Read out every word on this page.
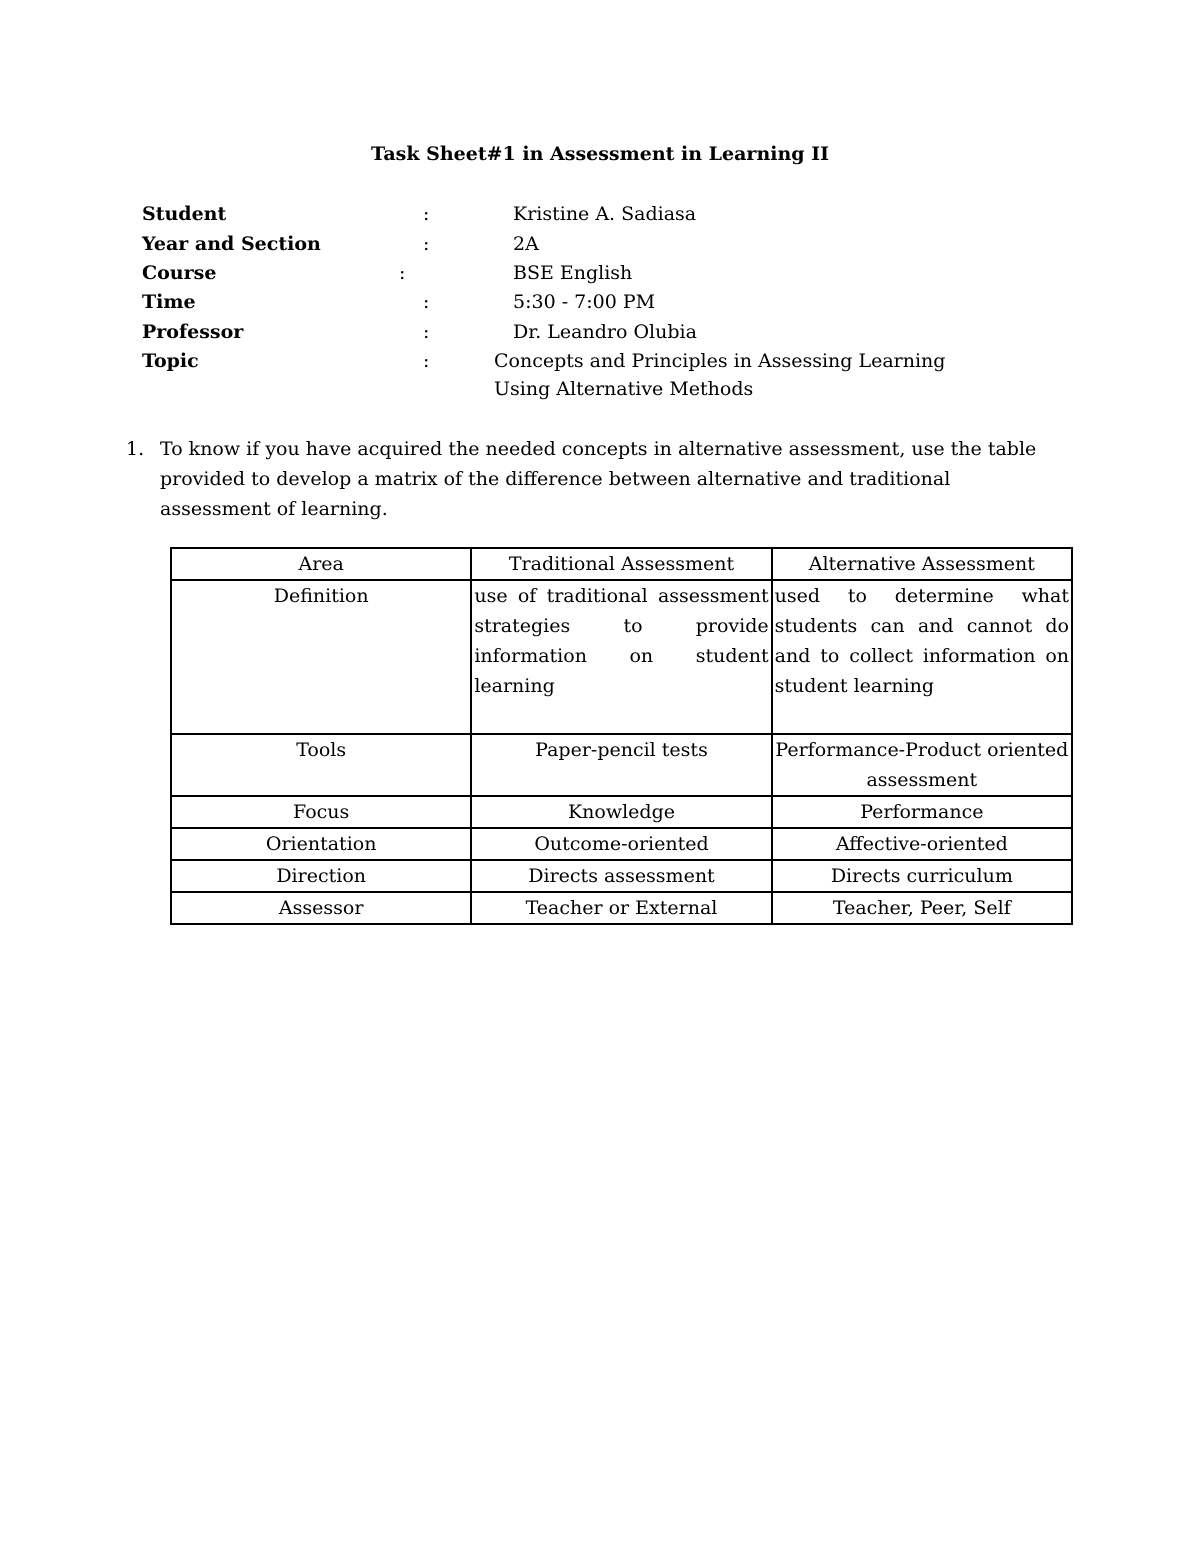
Task Sheet#1 in Assessment in Learning II
Student	:	Kristine A. Sadiasa
Year and Section	:	2A
Course	:	BSE English
Time	:	5:30 - 7:00 PM
Professor	:	Dr. Leandro Olubia
Topic	:	Concepts and Principles in Assessing Learning
Using Alternative Methods
1. To know if you have acquired the needed concepts in alternative assessment, use the table provided to develop a matrix of the difference between alternative and traditional assessment of learning.
Area	Traditional Assessment	Alternative Assessment
Definition	use of traditional assessment strategies to provide information on student learning	used to determine what students can and cannot do and to collect information on student learning
Tools	Paper-pencil tests	Performance-Product oriented assessment
Focus	Knowledge	Performance
Orientation	Outcome-oriented	Affective-oriented
Direction	Directs assessment	Directs curriculum
Assessor	Teacher or External	Teacher, Peer, Self
